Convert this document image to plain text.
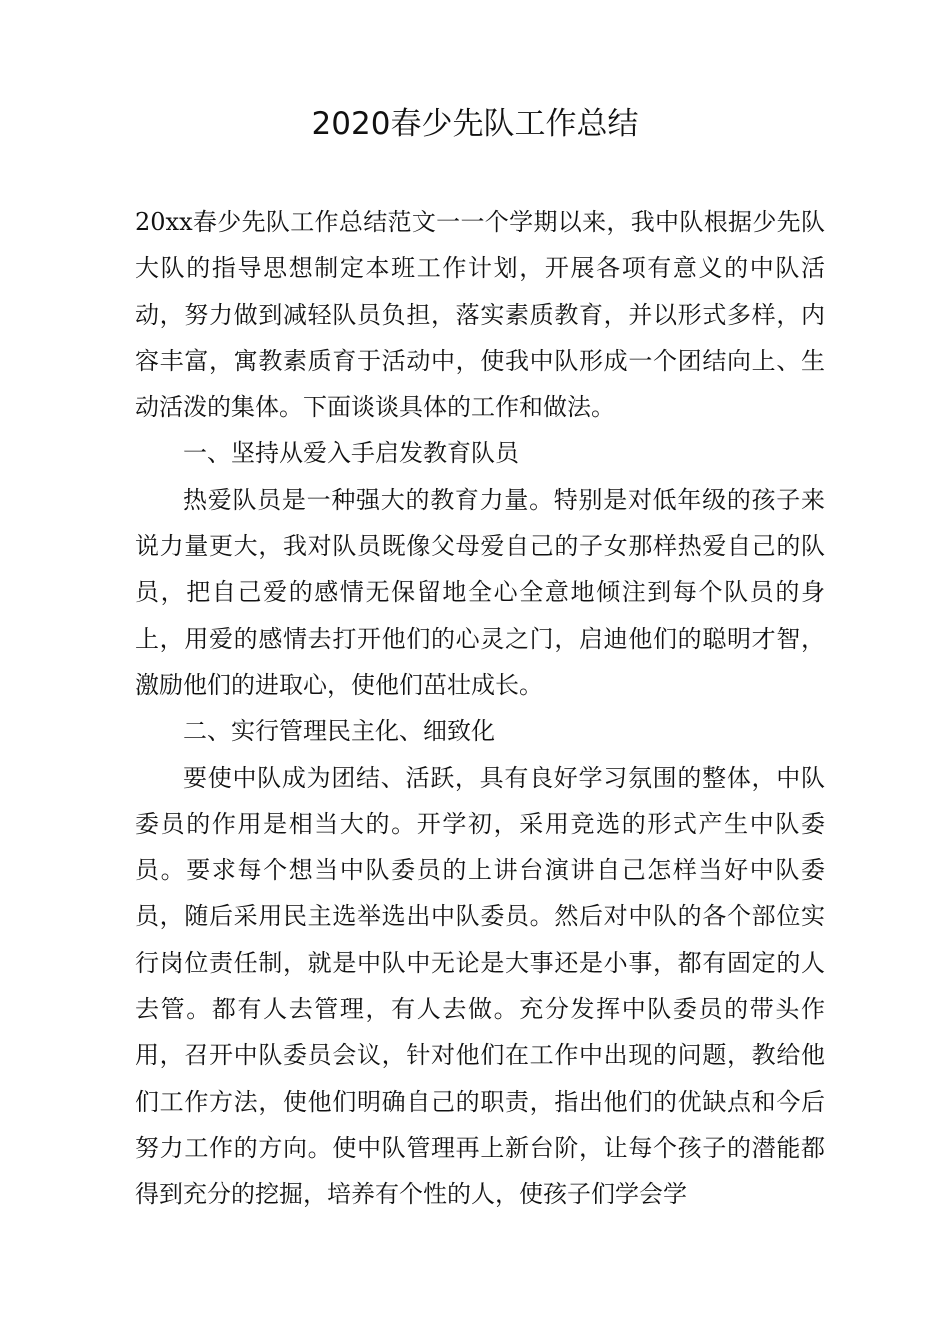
2020春少先队工作总结

20xx春少先队工作总结范文一一个学期以来，我中队根据少先队大队的指导思想制定本班工作计划，开展各项有意义的中队活动，努力做到减轻队员负担，落实素质教育，并以形式多样，内容丰富，寓教素质育于活动中，使我中队形成一个团结向上、生动活泼的集体。下面谈谈具体的工作和做法。

一、坚持从爱入手启发教育队员

热爱队员是一种强大的教育力量。特别是对低年级的孩子来说力量更大，我对队员既像父母爱自己的子女那样热爱自己的队员，把自己爱的感情无保留地全心全意地倾注到每个队员的身上，用爱的感情去打开他们的心灵之门，启迪他们的聪明才智，激励他们的进取心，使他们茁壮成长。

二、实行管理民主化、细致化

要使中队成为团结、活跃，具有良好学习氛围的整体，中队委员的作用是相当大的。开学初，采用竞选的形式产生中队委员。要求每个想当中队委员的上讲台演讲自己怎样当好中队委员，随后采用民主选举选出中队委员。然后对中队的各个部位实行岗位责任制，就是中队中无论是大事还是小事，都有固定的人去管。都有人去管理，有人去做。充分发挥中队委员的带头作用，召开中队委员会议，针对他们在工作中出现的问题，教给他们工作方法，使他们明确自己的职责，指出他们的优缺点和今后努力工作的方向。使中队管理再上新台阶，让每个孩子的潜能都得到充分的挖掘，培养有个性的人，使孩子们学会学
